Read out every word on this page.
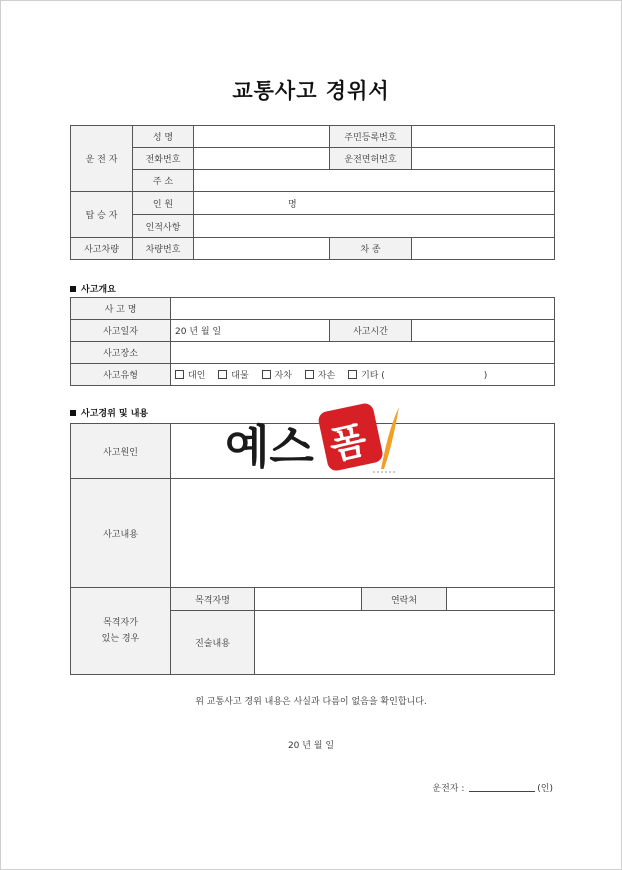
교통사고 경위서
운 전 자	성 명		주민등록번호	
	전화번호		운전면허번호	
	주 소			
탑 승 자	인 원	명		
	인적사항			
사고차량	차량번호		차 종	
사고개요
사 고 명			
사고일자	20 년 월 일	사고시간	
사고장소			
사고유형	대인 대물 자차 자손 기타 ( )		
사고경위 및 내용
사고원인				
사고내용				

목격자가
있는 경우	목격자명		연락처	
	진술내용			
예스 폼
위 교통사고 경위 내용은 사실과 다름이 없음을 확인합니다.
20 년 월 일
운전자 :	(인)
